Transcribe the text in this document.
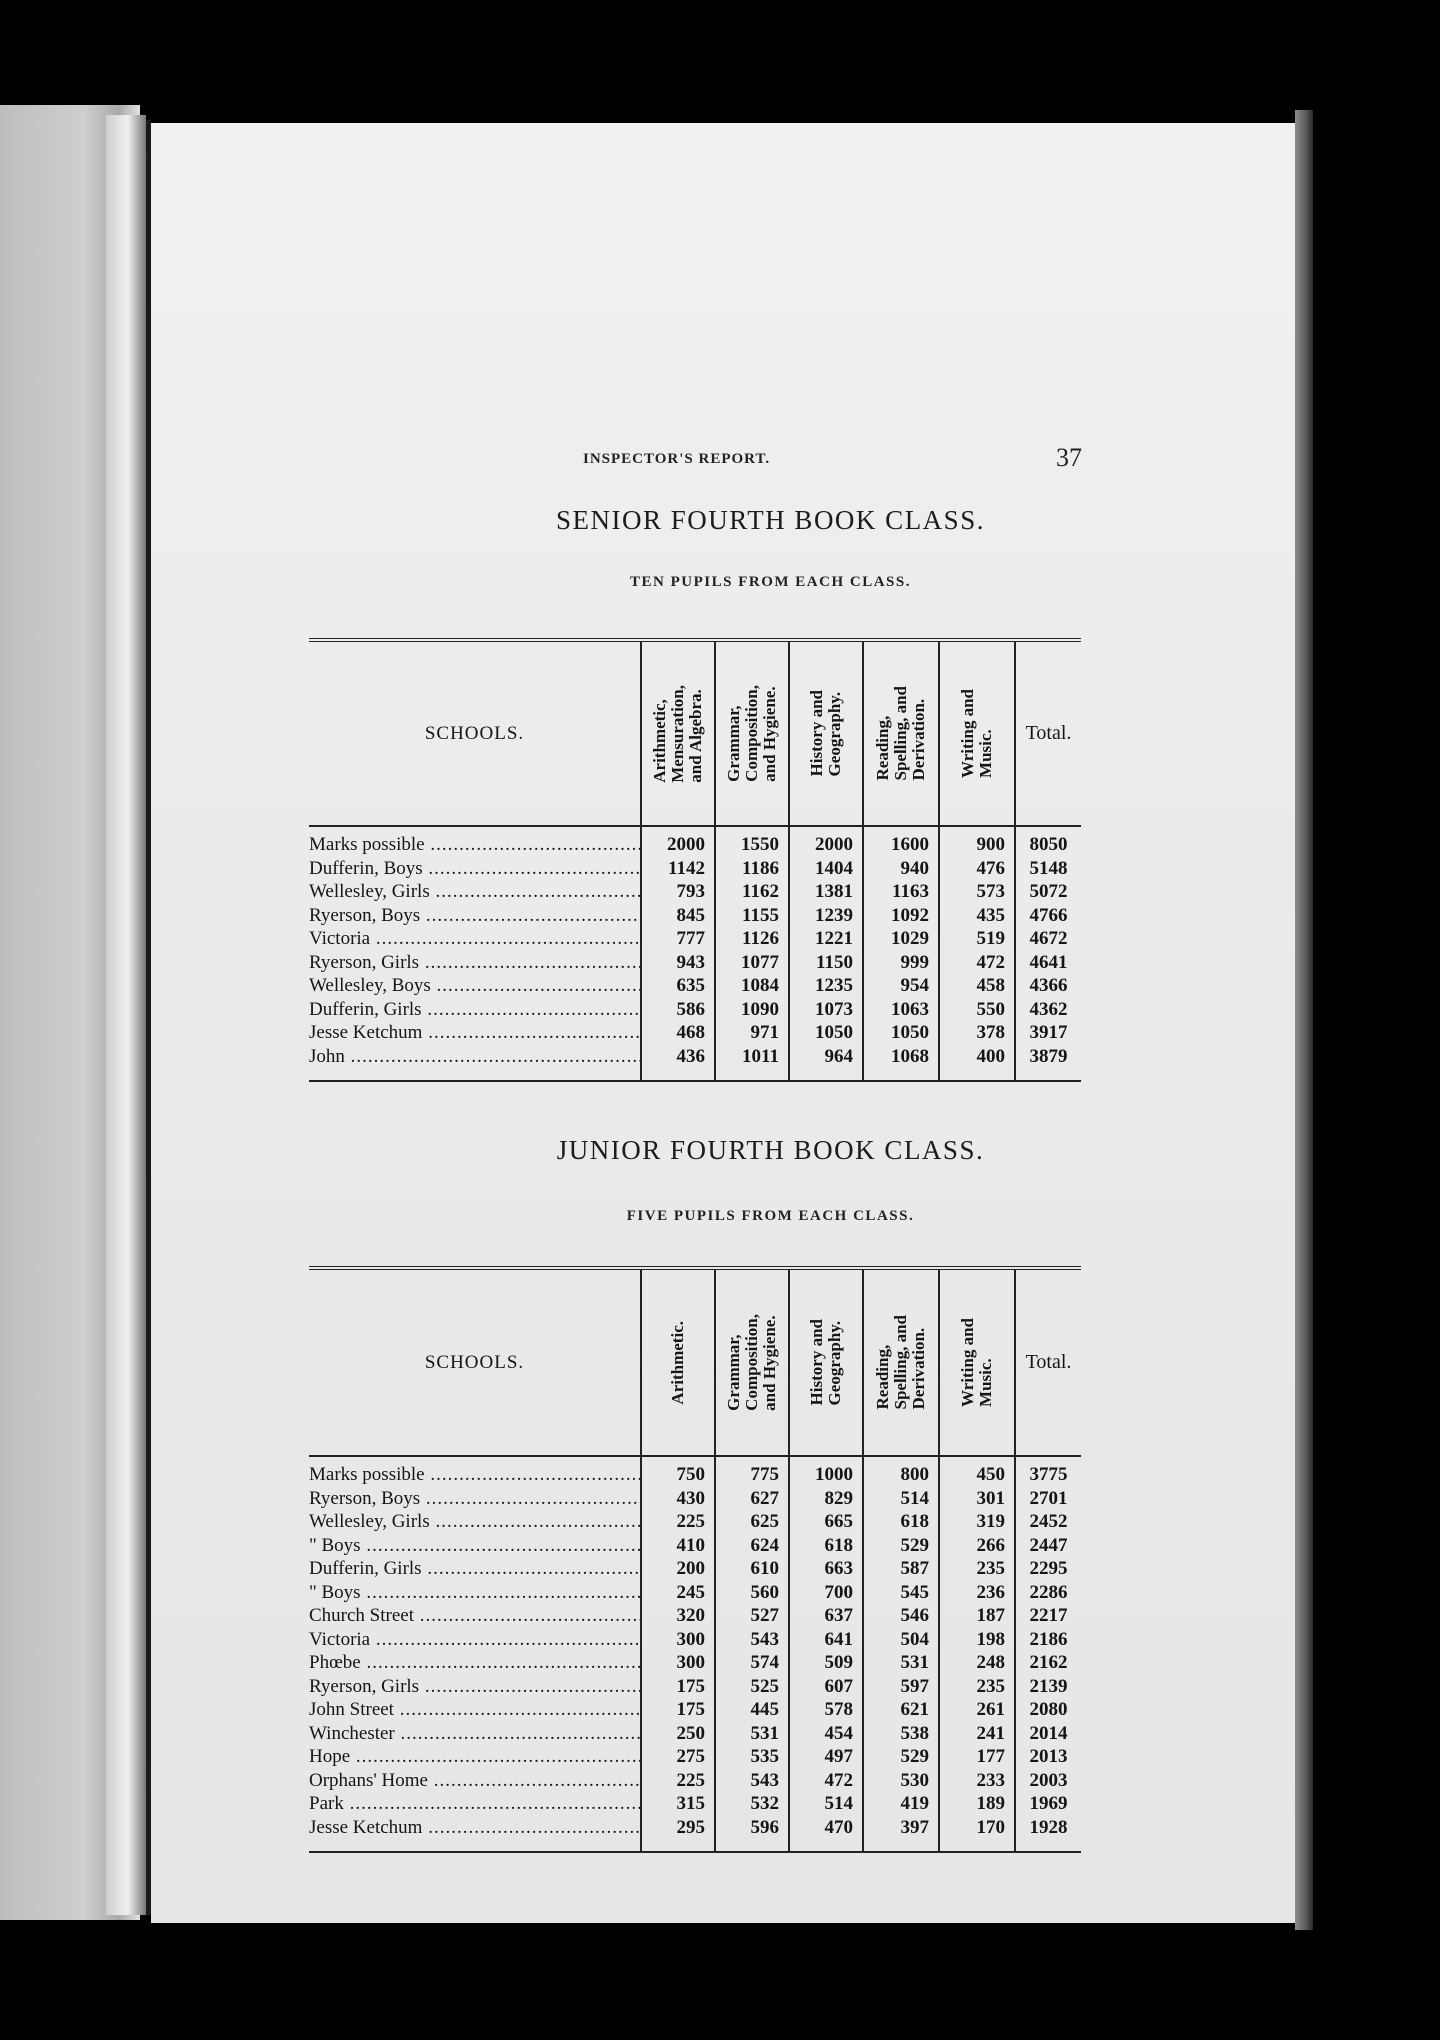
INSPECTOR'S REPORT.	37
SENIOR FOURTH BOOK CLASS.
TEN PUPILS FROM EACH CLASS.
SCHOOLS.	Arithmetic,
Mensuration,
and Algebra.	Grammar,
Composition,
and Hygiene.	History and
Geography.	Reading,
Spelling, and
Derivation.	Writing and
Music.	Total.
Marks possible .....	2000	1550	2000	1600	900	8050
Dufferin, Boys .....	1142	1186	1404	940	476	5148
Wellesley, Girls .....	793	1162	1381	1163	573	5072
Ryerson, Boys .....	845	1155	1239	1092	435	4766
Victoria .....	777	1126	1221	1029	519	4672
Ryerson, Girls .....	943	1077	1150	999	472	4641
Wellesley, Boys .....	635	1084	1235	954	458	4366
Dufferin, Girls .....	586	1090	1073	1063	550	4362
Jesse Ketchum .....	468	971	1050	1050	378	3917
John .....	436	1011	964	1068	400	3879
JUNIOR FOURTH BOOK CLASS.
FIVE PUPILS FROM EACH CLASS.
SCHOOLS.	Arithmetic.	Grammar,
Composition,
and Hygiene.	History and
Geography.	Reading,
Spelling, and
Derivation.	Writing and
Music.	Total.
Marks possible .....	750	775	1000	800	450	3775
Ryerson, Boys .....	430	627	829	514	301	2701
Wellesley, Girls .....	225	625	665	618	319	2452
" Boys .....	410	624	618	529	266	2447
Dufferin, Girls .....	200	610	663	587	235	2295
" Boys .....	245	560	700	545	236	2286
Church Street .....	320	527	637	546	187	2217
Victoria .....	300	543	641	504	198	2186
Phœbe .....	300	574	509	531	248	2162
Ryerson, Girls .....	175	525	607	597	235	2139
John Street .....	175	445	578	621	261	2080
Winchester .....	250	531	454	538	241	2014
Hope .....	275	535	497	529	177	2013
Orphans' Home .....	225	543	472	530	233	2003
Park .....	315	532	514	419	189	1969
Jesse Ketchum .....	295	596	470	397	170	1928
